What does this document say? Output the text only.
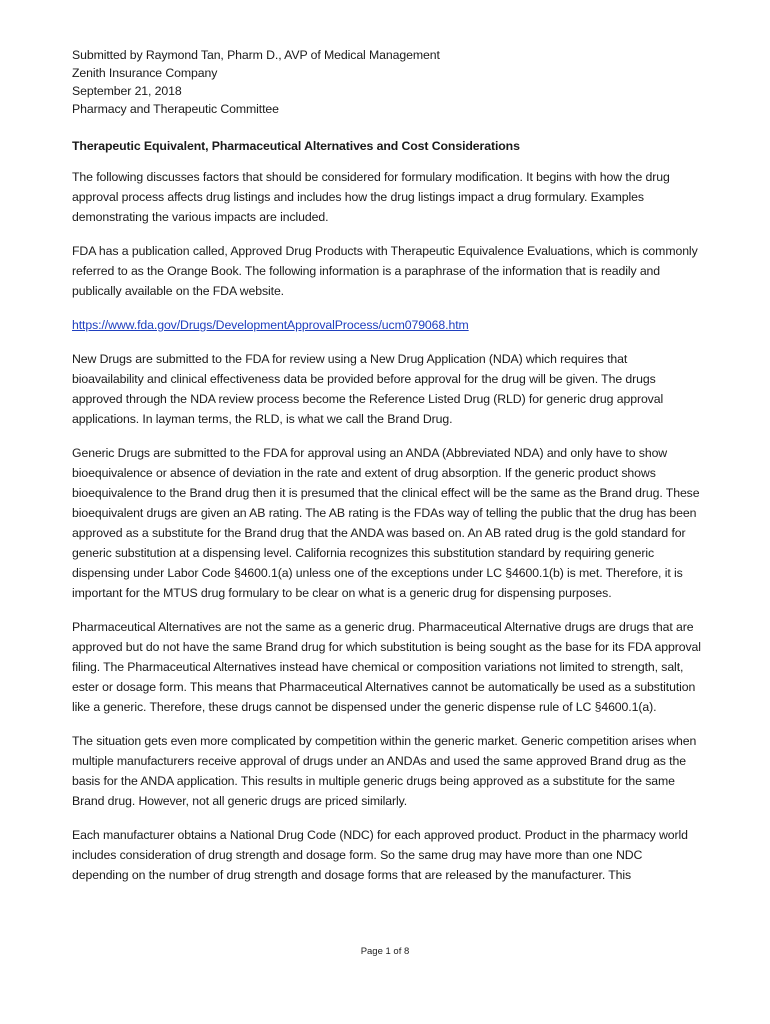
Submitted by Raymond Tan, Pharm D., AVP of Medical Management
Zenith Insurance Company
September 21, 2018
Pharmacy and Therapeutic Committee
Therapeutic Equivalent, Pharmaceutical Alternatives and Cost Considerations

The following discusses factors that should be considered for formulary modification. It begins with how the drug approval process affects drug listings and includes how the drug listings impact a drug formulary. Examples demonstrating the various impacts are included.

FDA has a publication called, Approved Drug Products with Therapeutic Equivalence Evaluations, which is commonly referred to as the Orange Book. The following information is a paraphrase of the information that is readily and publically available on the FDA website.

https://www.fda.gov/Drugs/DevelopmentApprovalProcess/ucm079068.htm

New Drugs are submitted to the FDA for review using a New Drug Application (NDA) which requires that bioavailability and clinical effectiveness data be provided before approval for the drug will be given. The drugs approved through the NDA review process become the Reference Listed Drug (RLD) for generic drug approval applications. In layman terms, the RLD, is what we call the Brand Drug.

Generic Drugs are submitted to the FDA for approval using an ANDA (Abbreviated NDA) and only have to show bioequivalence or absence of deviation in the rate and extent of drug absorption. If the generic product shows bioequivalence to the Brand drug then it is presumed that the clinical effect will be the same as the Brand drug. These bioequivalent drugs are given an AB rating. The AB rating is the FDAs way of telling the public that the drug has been approved as a substitute for the Brand drug that the ANDA was based on. An AB rated drug is the gold standard for generic substitution at a dispensing level. California recognizes this substitution standard by requiring generic dispensing under Labor Code §4600.1(a) unless one of the exceptions under LC §4600.1(b) is met. Therefore, it is important for the MTUS drug formulary to be clear on what is a generic drug for dispensing purposes.

Pharmaceutical Alternatives are not the same as a generic drug. Pharmaceutical Alternative drugs are drugs that are approved but do not have the same Brand drug for which substitution is being sought as the base for its FDA approval filing. The Pharmaceutical Alternatives instead have chemical or composition variations not limited to strength, salt, ester or dosage form. This means that Pharmaceutical Alternatives cannot be automatically be used as a substitution like a generic. Therefore, these drugs cannot be dispensed under the generic dispense rule of LC §4600.1(a).

The situation gets even more complicated by competition within the generic market. Generic competition arises when multiple manufacturers receive approval of drugs under an ANDAs and used the same approved Brand drug as the basis for the ANDA application. This results in multiple generic drugs being approved as a substitute for the same Brand drug. However, not all generic drugs are priced similarly.

Each manufacturer obtains a National Drug Code (NDC) for each approved product. Product in the pharmacy world includes consideration of drug strength and dosage form. So the same drug may have more than one NDC depending on the number of drug strength and dosage forms that are released by the manufacturer. This

Page 1 of 8
